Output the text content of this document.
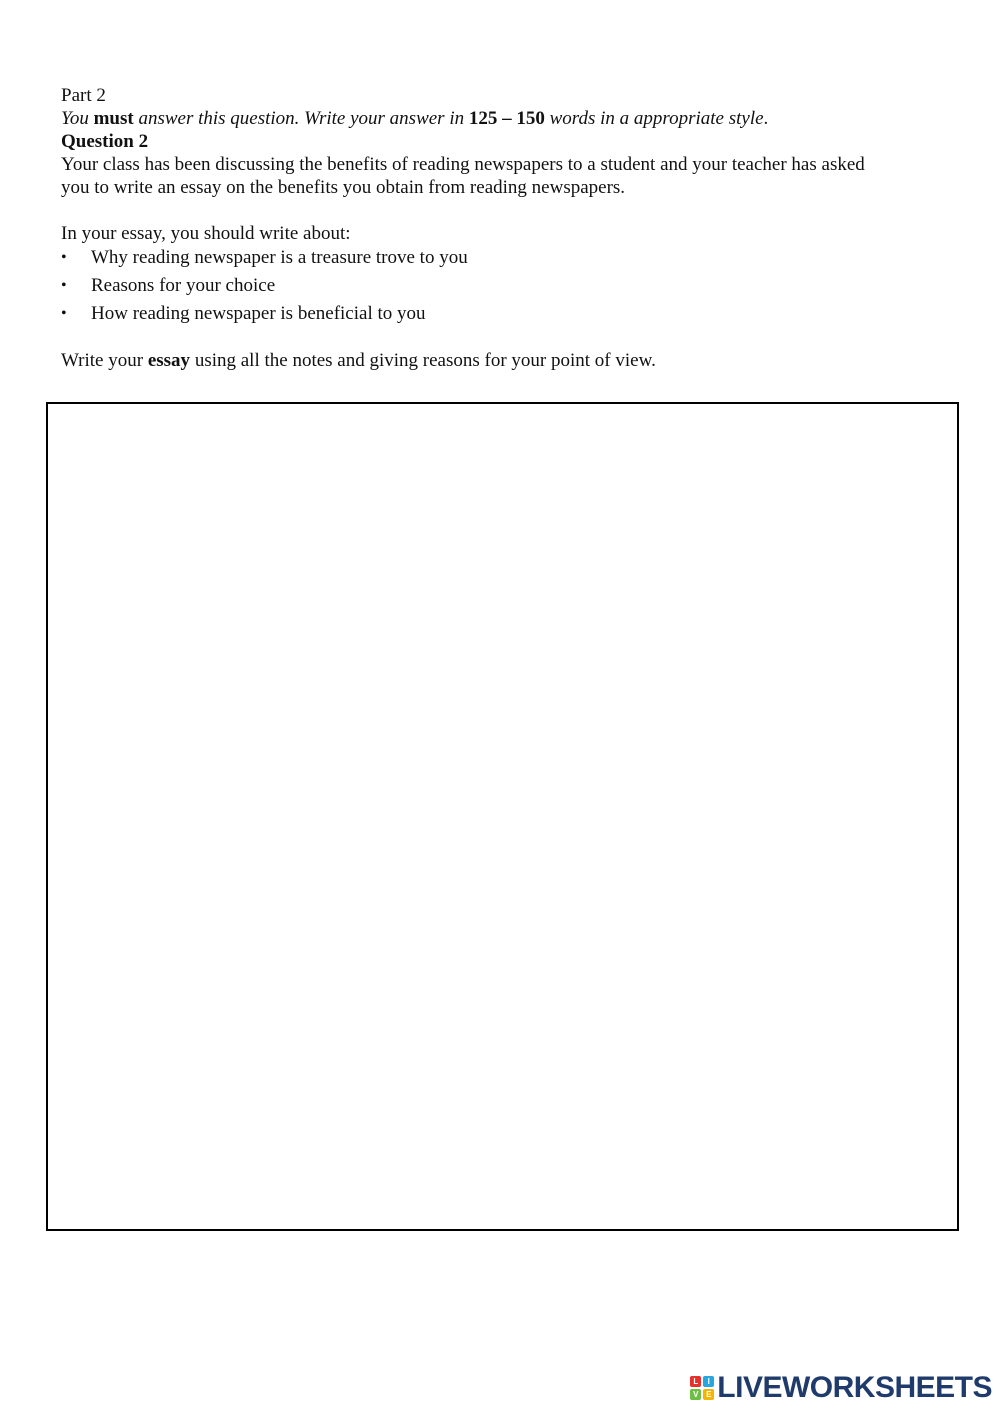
Part 2
You must answer this question. Write your answer in 125 – 150 words in a appropriate style.
Question 2
Your class has been discussing the benefits of reading newspapers to a student and your teacher has asked
you to write an essay on the benefits you obtain from reading newspapers.
In your essay, you should write about:
• Why reading newspaper is a treasure trove to you
• Reasons for your choice
• How reading newspaper is beneficial to you
Write your essay using all the notes and giving reasons for your point of view.
L	I
V E LIVEWORKSHEETS
